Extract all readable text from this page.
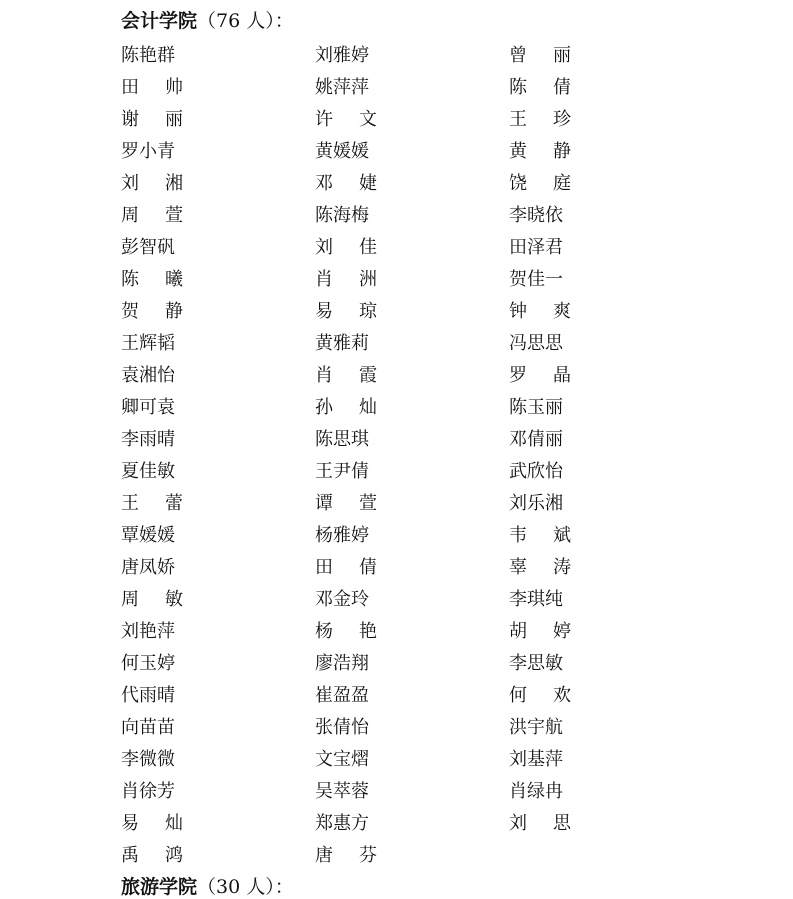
会计学院（76 人）：
陈艳群
田 帅
谢 丽
罗小青
刘 湘
周 萱
彭智矾
陈 曦
贺 静
王辉韬
袁湘怡
卿可袁
李雨晴
夏佳敏
王 蕾
覃媛媛
唐凤娇
周 敏
刘艳萍
何玉婷
代雨晴
向苗苗
李微微
肖徐芳
易 灿
禹 鸿
刘雅婷
姚萍萍
许 文
黄媛媛
邓 婕
陈海梅
刘 佳
肖 洲
易 琼
黄雅莉
肖 霞
孙 灿
陈思琪
王尹倩
谭 萱
杨雅婷
田 倩
邓金玲
杨 艳
廖浩翔
崔盈盈
张倩怡
文宝熠
吴萃蓉
郑惠方
唐 芬
曾 丽
陈 倩
王 珍
黄 静
饶 庭
李晓依
田泽君
贺佳一
钟 爽
冯思思
罗 晶
陈玉丽
邓倩丽
武欣怡
刘乐湘
韦 斌
辜 涛
李琪纯
胡 婷
李思敏
何 欢
洪宇航
刘基萍
肖绿冉
刘 思
旅游学院（30 人）：
